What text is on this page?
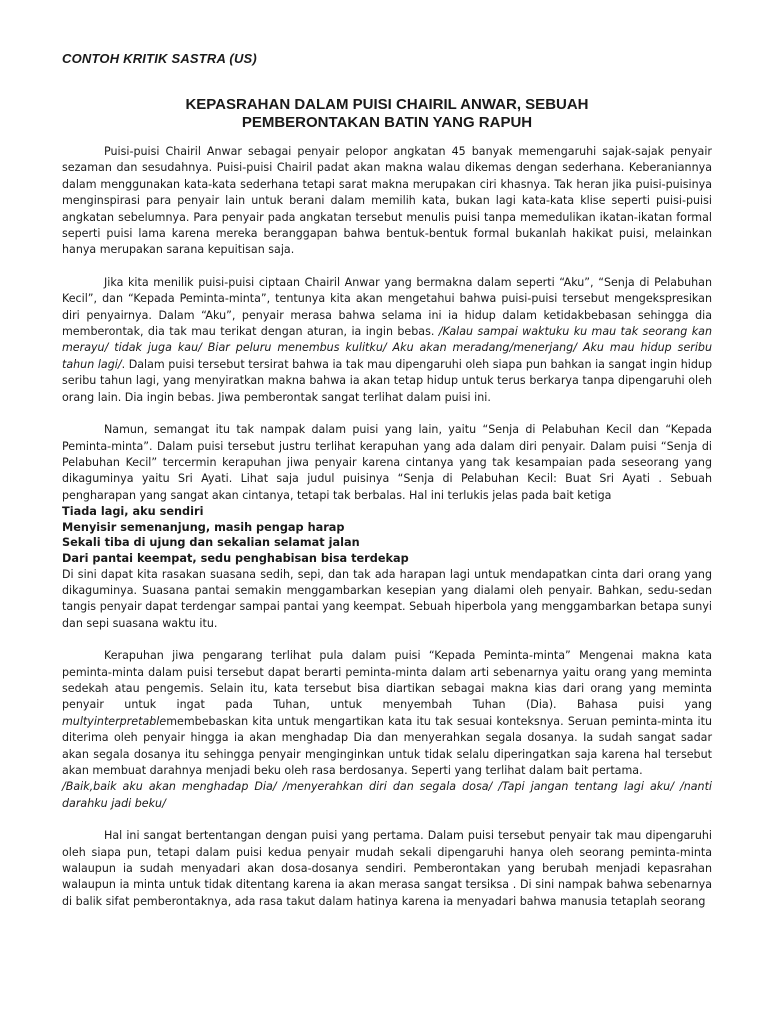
CONTOH KRITIK SASTRA (US)

KEPASRAHAN DALAM PUISI CHAIRIL ANWAR, SEBUAH
PEMBERONTAKAN BATIN YANG RAPUH

Puisi-puisi Chairil Anwar sebagai penyair pelopor angkatan 45 banyak memengaruhi sajak-sajak penyair sezaman dan sesudahnya. Puisi-puisi Chairil padat akan makna walau dikemas dengan sederhana. Keberaniannya dalam menggunakan kata-kata sederhana tetapi sarat makna merupakan ciri khasnya. Tak heran jika puisi-puisinya menginspirasi para penyair lain untuk berani dalam memilih kata, bukan lagi kata-kata klise seperti puisi-puisi angkatan sebelumnya. Para penyair pada angkatan tersebut menulis puisi tanpa memedulikan ikatan-ikatan formal seperti puisi lama karena mereka beranggapan bahwa bentuk-bentuk formal bukanlah hakikat puisi, melainkan hanya merupakan sarana kepuitisan saja.

Jika kita menilik puisi-puisi ciptaan Chairil Anwar yang bermakna dalam seperti “Aku”, “Senja di Pelabuhan Kecil”, dan “Kepada Peminta-minta”, tentunya kita akan mengetahui bahwa puisi-puisi tersebut mengekspresikan diri penyairnya. Dalam “Aku”, penyair merasa bahwa selama ini ia hidup dalam ketidakbebasan sehingga dia memberontak, dia tak mau terikat dengan aturan, ia ingin bebas. /Kalau sampai waktuku ku mau tak seorang kan merayu/ tidak juga kau/ Biar peluru menembus kulitku/ Aku akan meradang/menerjang/ Aku mau hidup seribu tahun lagi/. Dalam puisi tersebut tersirat bahwa ia tak mau dipengaruhi oleh siapa pun bahkan ia sangat ingin hidup seribu tahun lagi, yang menyiratkan makna bahwa ia akan tetap hidup untuk terus berkarya tanpa dipengaruhi oleh orang lain. Dia ingin bebas. Jiwa pemberontak sangat terlihat dalam puisi ini.

Namun, semangat itu tak nampak dalam puisi yang lain, yaitu “Senja di Pelabuhan Kecil dan “Kepada Peminta-minta”. Dalam puisi tersebut justru terlihat kerapuhan yang ada dalam diri penyair. Dalam puisi “Senja di Pelabuhan Kecil” tercermin kerapuhan jiwa penyair karena cintanya yang tak kesampaian pada seseorang yang dikaguminya yaitu Sri Ayati. Lihat saja judul puisinya “Senja di Pelabuhan Kecil: Buat Sri Ayati . Sebuah pengharapan yang sangat akan cintanya, tetapi tak berbalas. Hal ini terlukis jelas pada bait ketiga

Tiada lagi, aku sendiri

Menyisir semenanjung, masih pengap harap

Sekali tiba di ujung dan sekalian selamat jalan

Dari pantai keempat, sedu penghabisan bisa terdekap

Di sini dapat kita rasakan suasana sedih, sepi, dan tak ada harapan lagi untuk mendapatkan cinta dari orang yang dikaguminya. Suasana pantai semakin menggambarkan kesepian yang dialami oleh penyair. Bahkan, sedu-sedan tangis penyair dapat terdengar sampai pantai yang keempat. Sebuah hiperbola yang menggambarkan betapa sunyi dan sepi suasana waktu itu.

Kerapuhan jiwa pengarang terlihat pula dalam puisi “Kepada Peminta-minta” Mengenai makna kata peminta-minta dalam puisi tersebut dapat berarti peminta-minta dalam arti sebenarnya yaitu orang yang meminta sedekah atau pengemis. Selain itu, kata tersebut bisa diartikan sebagai makna kias dari orang yang meminta penyair untuk ingat pada Tuhan, untuk menyembah Tuhan (Dia). Bahasa puisi yang multyinterpretablemembebaskan kita untuk mengartikan kata itu tak sesuai konteksnya. Seruan peminta-minta itu diterima oleh penyair hingga ia akan menghadap Dia dan menyerahkan segala dosanya. Ia sudah sangat sadar akan segala dosanya itu sehingga penyair menginginkan untuk tidak selalu diperingatkan saja karena hal tersebut akan membuat darahnya menjadi beku oleh rasa berdosanya. Seperti yang terlihat dalam bait pertama.

/Baik,baik aku akan menghadap Dia/ /menyerahkan diri dan segala dosa/ /Tapi jangan tentang lagi aku/ /nanti darahku jadi beku/

Hal ini sangat bertentangan dengan puisi yang pertama. Dalam puisi tersebut penyair tak mau dipengaruhi oleh siapa pun, tetapi dalam puisi kedua penyair mudah sekali dipengaruhi hanya oleh seorang peminta-minta walaupun ia sudah menyadari akan dosa-dosanya sendiri. Pemberontakan yang berubah menjadi kepasrahan walaupun ia minta untuk tidak ditentang karena ia akan merasa sangat tersiksa . Di sini nampak bahwa sebenarnya di balik sifat pemberontaknya, ada rasa takut dalam hatinya karena ia menyadari bahwa manusia tetaplah seorang
